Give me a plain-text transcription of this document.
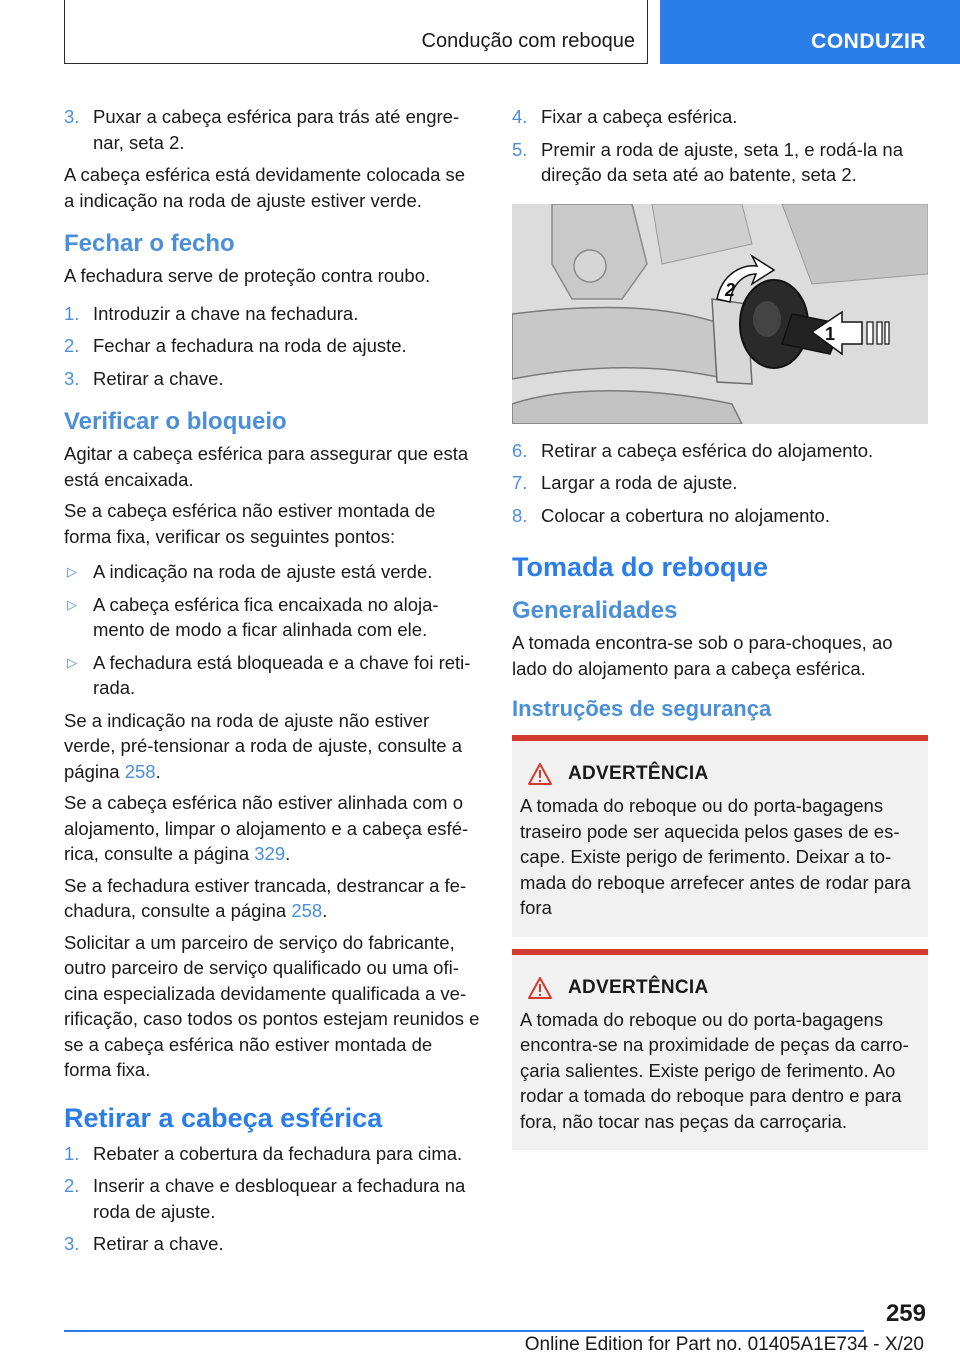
Condução com reboque	CONDUZIR
3. Puxar a cabeça esférica para trás até engrenar, seta 2.

A cabeça esférica está devidamente colocada se a indicação na roda de ajuste estiver verde.

Fechar o fecho

A fechadura serve de proteção contra roubo.

1. Introduzir a chave na fechadura.
2. Fechar a fechadura na roda de ajuste.
3. Retirar a chave.
Verificar o bloqueio

Agitar a cabeça esférica para assegurar que esta está encaixada.

Se a cabeça esférica não estiver montada de forma fixa, verificar os seguintes pontos:

▷ A indicação na roda de ajuste está verde.
▷ A cabeça esférica fica encaixada no alojamento de modo a ficar alinhada com ele.
▷ A fechadura está bloqueada e a chave foi retirada.

Se a indicação na roda de ajuste não estiver verde, pré-tensionar a roda de ajuste, consulte a página 258.

Se a cabeça esférica não estiver alinhada com o alojamento, limpar o alojamento e a cabeça esférica, consulte a página 329.

Se a fechadura estiver trancada, destrancar a fechadura, consulte a página 258.

Solicitar a um parceiro de serviço do fabricante, outro parceiro de serviço qualificado ou uma oficina especializada devidamente qualificada a verificação, caso todos os pontos estejam reunidos e se a cabeça esférica não estiver montada de forma fixa.

Retirar a cabeça esférica
1. Rebater a cobertura da fechadura para cima.
2. Inserir a chave e desbloquear a fechadura na roda de ajuste.
3. Retirar a chave.
4. Fixar a cabeça esférica.
5. Premir a roda de ajuste, seta 1, e rodá-la na direção da seta até ao batente, seta 2.
2
1
6. Retirar a cabeça esférica do alojamento.
7. Largar a roda de ajuste.
8. Colocar a cobertura no alojamento.
Tomada do reboque
Generalidades

A tomada encontra-se sob o para-choques, ao lado do alojamento para a cabeça esférica.

Instruções de segurança
ADVERTÊNCIA

A tomada do reboque ou do porta-bagagens traseiro pode ser aquecida pelos gases de escape. Existe perigo de ferimento. Deixar a tomada do reboque arrefecer antes de rodar para fora

ADVERTÊNCIA

A tomada do reboque ou do porta-bagagens encontra-se na proximidade de peças da carroçaria salientes. Existe perigo de ferimento. Ao rodar a tomada do reboque para dentro e para fora, não tocar nas peças da carroçaria.

259
Online Edition for Part no. 01405A1E734 - X/20
